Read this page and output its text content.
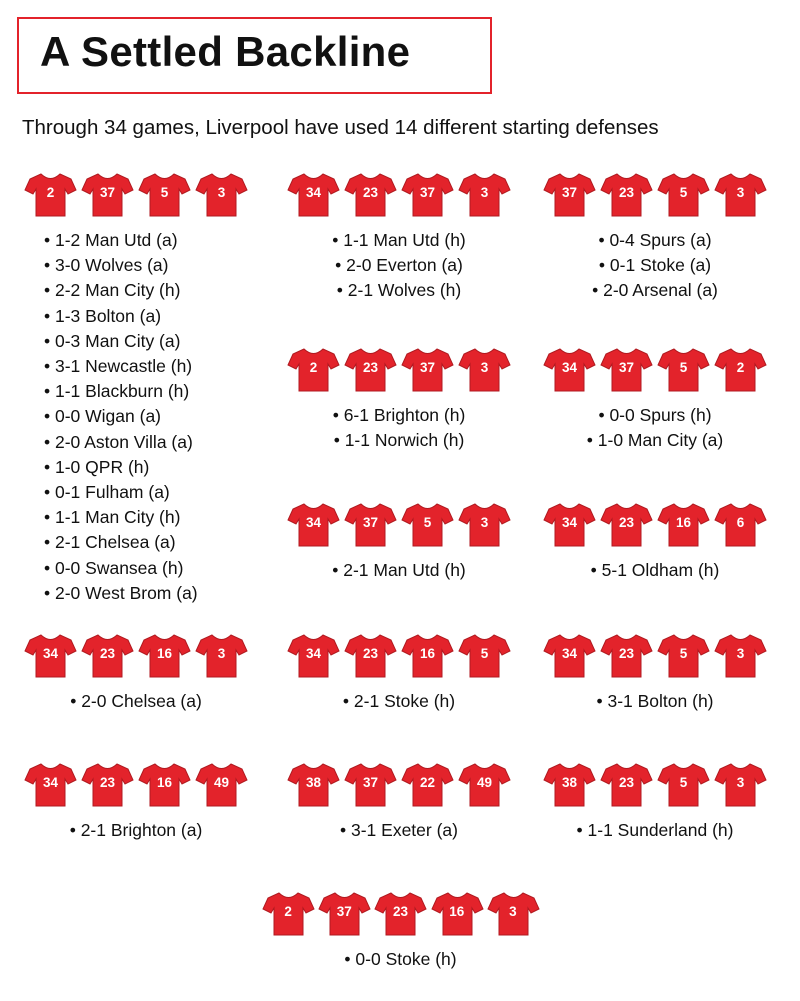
A Settled Backline

Through 34 games, Liverpool have used 14 different starting defenses

2	37	5	3
• 1-2 Man Utd (a)
• 3-0 Wolves (a)
• 2-2 Man City (h)
• 1-3 Bolton (a)
• 0-3 Man City (a)
• 3-1 Newcastle (h)
• 1-1 Blackburn (h)
• 0-0 Wigan (a)
• 2-0 Aston Villa (a)
• 1-0 QPR (h)
• 0-1 Fulham (a)
• 1-1 Man City (h)
• 2-1 Chelsea (a)
• 0-0 Swansea (h)
• 2-0 West Brom (a)
34	23	37	3
• 1-1 Man Utd (h)
• 2-0 Everton (a)
• 2-1 Wolves (h)
37	23	5	3
• 0-4 Spurs (a)
• 0-1 Stoke (a)
• 2-0 Arsenal (a)
2	23	37	3
• 6-1 Brighton (h)
• 1-1 Norwich (h)
34	37	5	2
• 0-0 Spurs (h)
• 1-0 Man City (a)
34	37	5	3
• 2-1 Man Utd (h)
34	23	16	6
• 5-1 Oldham (h)
34	23	16	3
• 2-0 Chelsea (a)
34	23	16	5
• 2-1 Stoke (h)
34	23	5	3
• 3-1 Bolton (h)
34	23	16	49
• 2-1 Brighton (a)
38	37	22	49
• 3-1 Exeter (a)
38	23	5	3
• 1-1 Sunderland (h)
2	37	23	16	3
• 0-0 Stoke (h)
